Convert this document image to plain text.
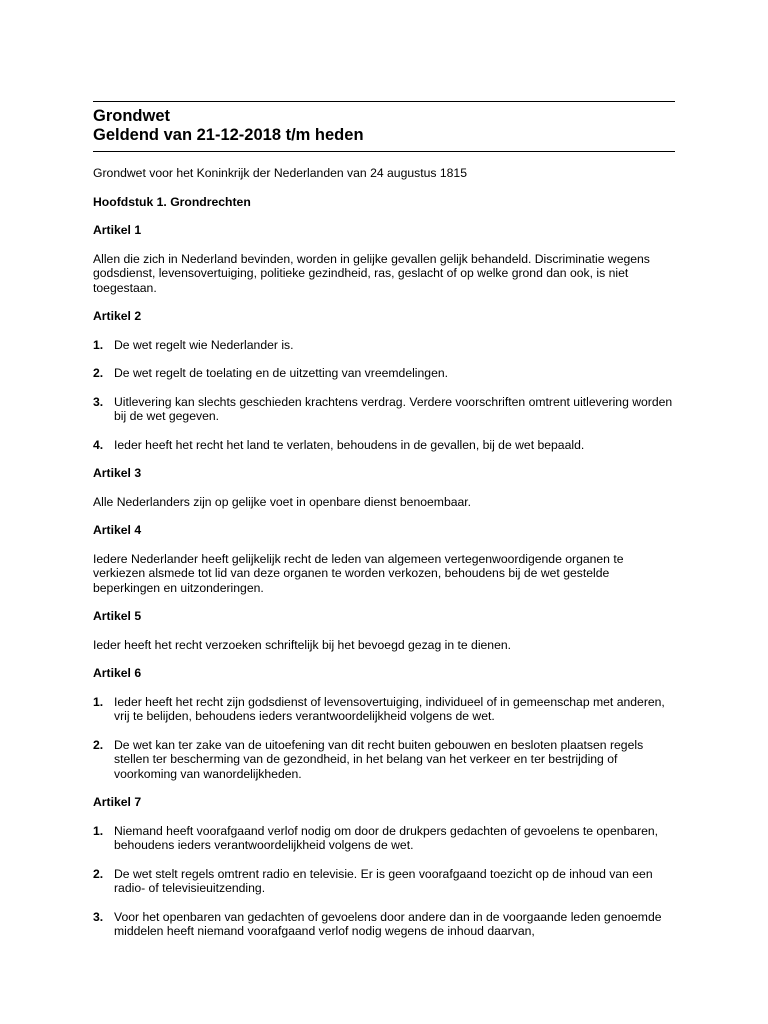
Grondwet
Geldend van 21-12-2018 t/m heden
Grondwet voor het Koninkrijk der Nederlanden van 24 augustus 1815
Hoofdstuk 1. Grondrechten
Artikel 1
Allen die zich in Nederland bevinden, worden in gelijke gevallen gelijk behandeld. Discriminatie wegens godsdienst, levensovertuiging, politieke gezindheid, ras, geslacht of op welke grond dan ook, is niet toegestaan.
Artikel 2
1. De wet regelt wie Nederlander is.
2. De wet regelt de toelating en de uitzetting van vreemdelingen.
3. Uitlevering kan slechts geschieden krachtens verdrag. Verdere voorschriften omtrent uitlevering worden bij de wet gegeven.
4. Ieder heeft het recht het land te verlaten, behoudens in de gevallen, bij de wet bepaald.
Artikel 3
Alle Nederlanders zijn op gelijke voet in openbare dienst benoembaar.
Artikel 4
Iedere Nederlander heeft gelijkelijk recht de leden van algemeen vertegenwoordigende organen te verkiezen alsmede tot lid van deze organen te worden verkozen, behoudens bij de wet gestelde beperkingen en uitzonderingen.
Artikel 5
Ieder heeft het recht verzoeken schriftelijk bij het bevoegd gezag in te dienen.
Artikel 6
1. Ieder heeft het recht zijn godsdienst of levensovertuiging, individueel of in gemeenschap met anderen, vrij te belijden, behoudens ieders verantwoordelijkheid volgens de wet.
2. De wet kan ter zake van de uitoefening van dit recht buiten gebouwen en besloten plaatsen regels stellen ter bescherming van de gezondheid, in het belang van het verkeer en ter bestrijding of voorkoming van wanordelijkheden.
Artikel 7
1. Niemand heeft voorafgaand verlof nodig om door de drukpers gedachten of gevoelens te openbaren, behoudens ieders verantwoordelijkheid volgens de wet.
2. De wet stelt regels omtrent radio en televisie. Er is geen voorafgaand toezicht op de inhoud van een radio- of televisieuitzending.
3. Voor het openbaren van gedachten of gevoelens door andere dan in de voorgaande leden genoemde middelen heeft niemand voorafgaand verlof nodig wegens de inhoud daarvan,
